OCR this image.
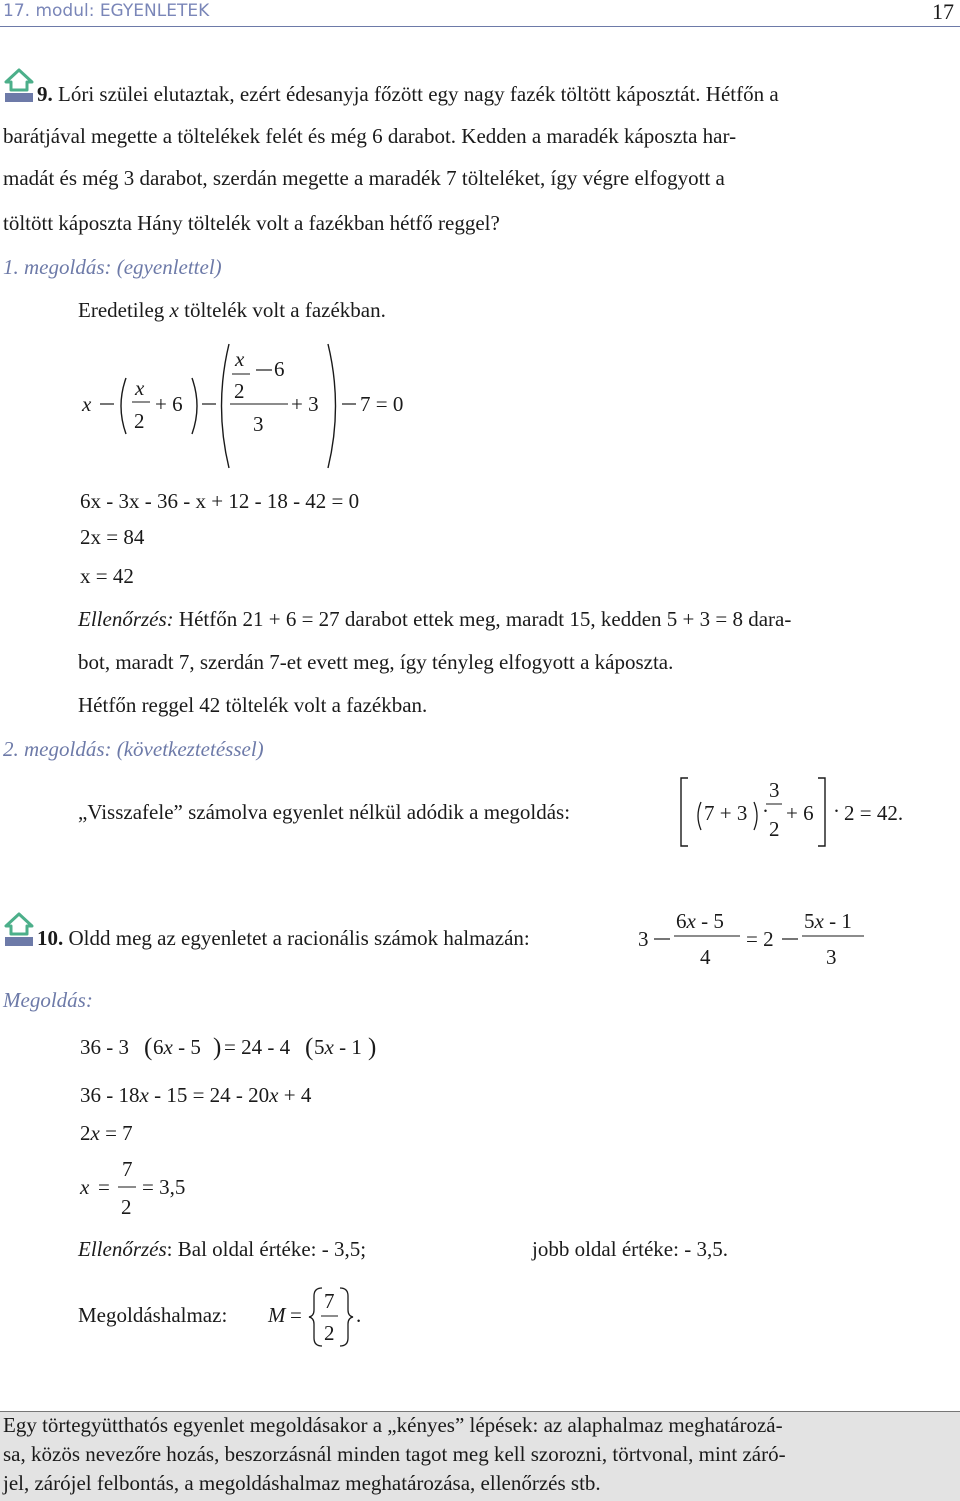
17. modul: EGYENLETEK	17
9. Lóri szülei elutaztak, ezért édesanyja főzött egy nagy fazék töltött káposztát. Hétfőn a
barátjával megette a töltelékek felét és még 6 darabot. Kedden a maradék káposzta har-
madát és még 3 darabot, szerdán megette a maradék 7 tölteléket, így végre elfogyott a
töltött káposzta Hány töltelék volt a fazékban hétfő reggel?
1. megoldás: (egyenlettel)
Eredetileg x töltelék volt a fazékban.
x
x
2
+ 6
x
2
6
3
+ 3 7 = 0
6x - 3x - 36 - x + 12 - 18 - 42 = 0
2x = 84
x = 42
Ellenőrzés: Hétfőn 21 + 6 = 27 darabot ettek meg, maradt 15, kedden 5 + 3 = 8 dara-
bot, maradt 7, szerdán 7-et evett meg, így tényleg elfogyott a káposzta.
Hétfőn reggel 42 töltelék volt a fazékban.
2. megoldás: (következtetéssel)
„Visszafele” számolva egyenlet nélkül adódik a megoldás:	7 + 3 ·
3
2
+ 6 · 2 = 42.
10. Oldd meg az egyenletet a racionális számok halmazán:	3
6x - 5
4
= 2
5x - 1
3
Megoldás:
36 - 3 ( 6x - 5 ) = 24 - 4 ( 5x - 1 )
36 - 18x - 15 = 24 - 20x + 4
2x = 7
x =
7
2
= 3,5
Ellenőrzés: Bal oldal értéke: - 3,5;	jobb oldal értéke: - 3,5.
Megoldáshalmaz: M =
7
2
.
Egy törtegyütthatós egyenlet megoldásakor a „kényes” lépések: az alaphalmaz meghatározá-
sa, közös nevezőre hozás, beszorzásnál minden tagot meg kell szorozni, törtvonal, mint záró-
jel, zárójel felbontás, a megoldáshalmaz meghatározása, ellenőrzés stb.
